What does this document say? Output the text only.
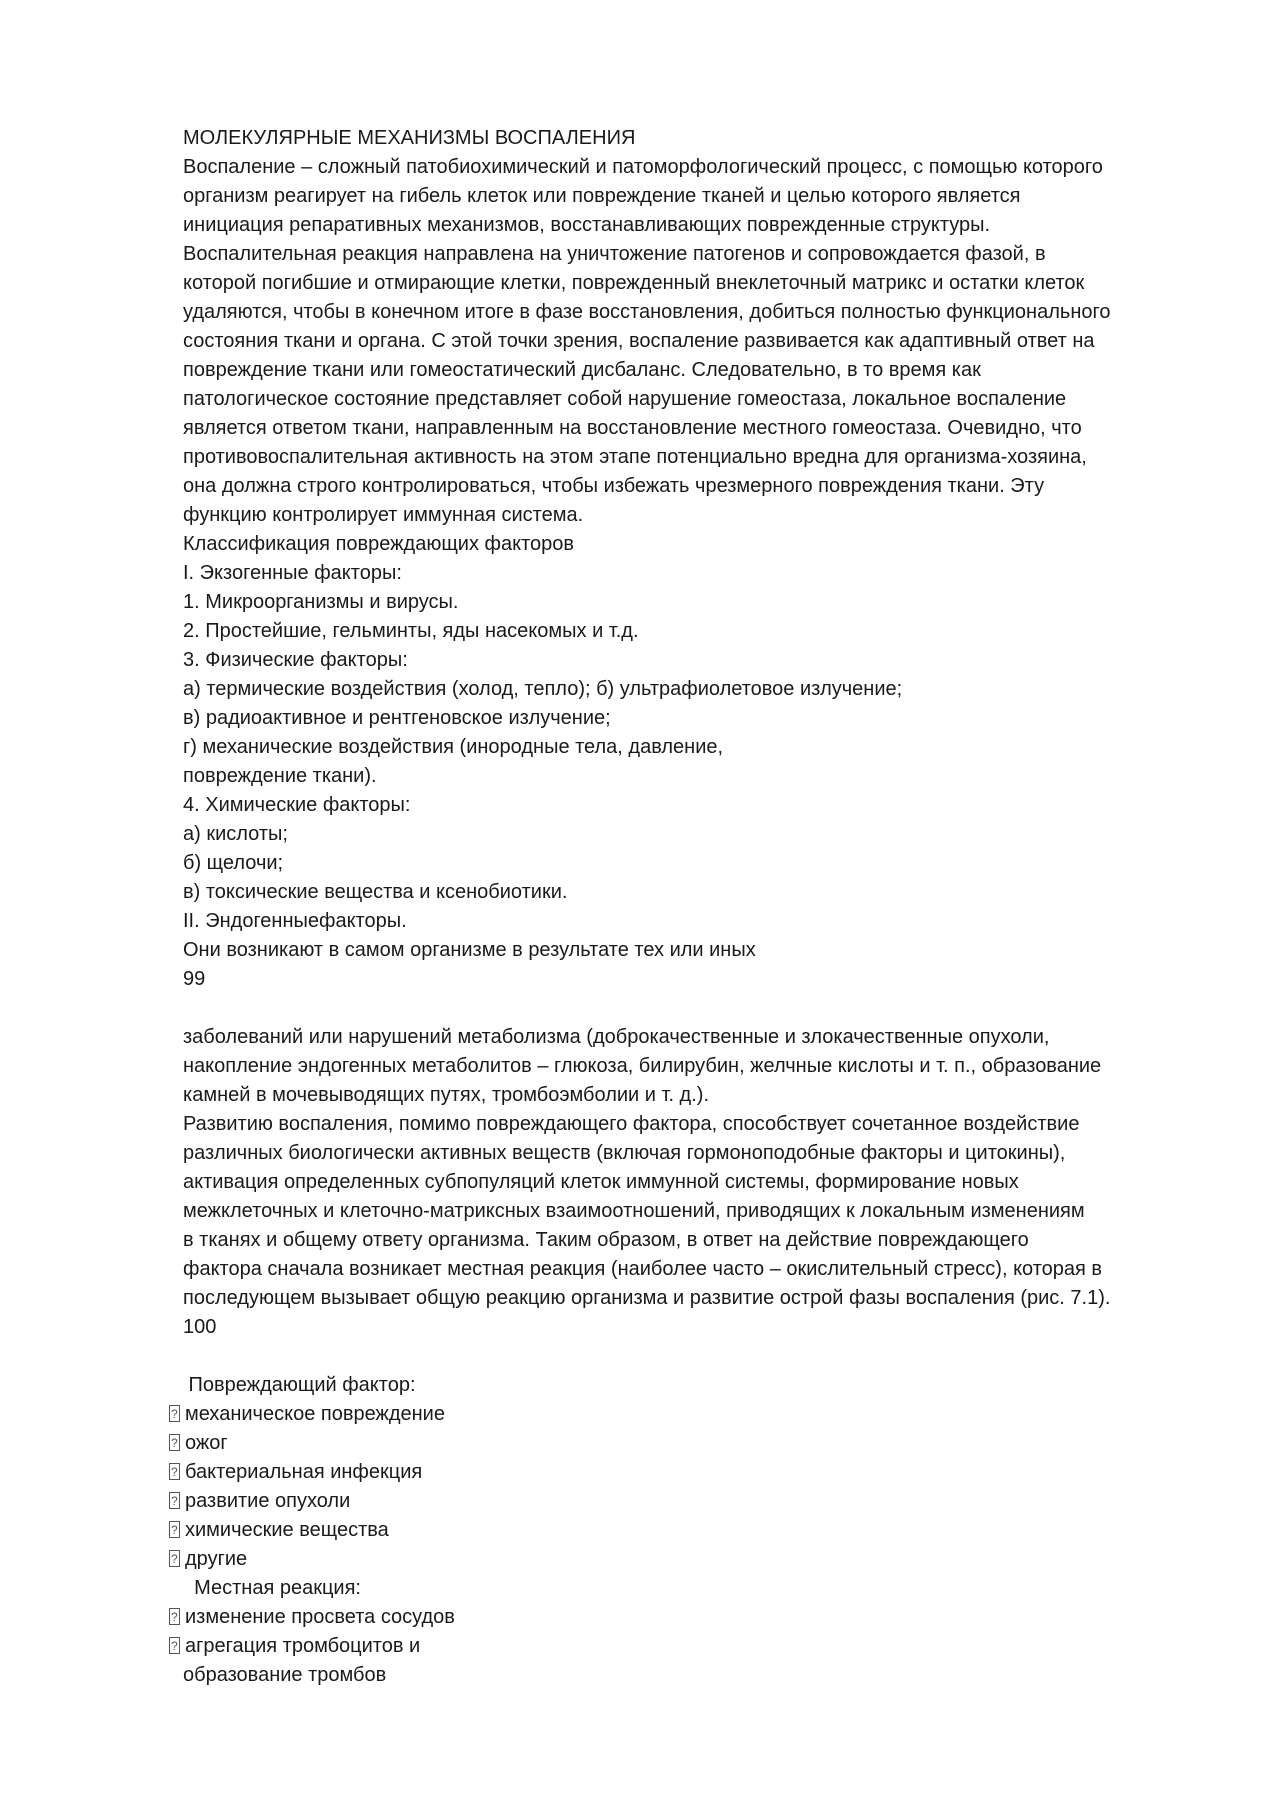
МОЛЕКУЛЯРНЫЕ МЕХАНИЗМЫ ВОСПАЛЕНИЯ
Воспаление – сложный патобиохимический и патоморфологический процесс, с помощью которого
организм реагирует на гибель клеток или повреждение тканей и целью которого является
инициация репаративных механизмов, восстанавливающих поврежденные структуры.
Воспалительная реакция направлена на уничтожение патогенов и сопровождается фазой, в
которой погибшие и отмирающие клетки, поврежденный внеклеточный матрикс и остатки клеток
удаляются, чтобы в конечном итоге в фазе восстановления, добиться полностью функционального
состояния ткани и органа. С этой точки зрения, воспаление развивается как адаптивный ответ на
повреждение ткани или гомеостатический дисбаланс. Следовательно, в то время как
патологическое состояние представляет собой нарушение гомеостаза, локальное воспаление
является ответом ткани, направленным на восстановление местного гомеостаза. Очевидно, что
противовоспалительная активность на этом этапе потенциально вредна для организма-хозяина,
она должна строго контролироваться, чтобы избежать чрезмерного повреждения ткани. Эту
функцию контролирует иммунная система.
Классификация повреждающих факторов
I. Экзогенные факторы:
1. Микроорганизмы и вирусы.
2. Простейшие, гельминты, яды насекомых и т.д.
3. Физические факторы:
а) термические воздействия (холод, тепло); б) ультрафиолетовое излучение;
в) радиоактивное и рентгеновское излучение;
г) механические воздействия (инородные тела, давление,
повреждение ткани).
4. Химические факторы:
а) кислоты;
б) щелочи;
в) токсические вещества и ксенобиотики.
II. Эндогенныефакторы.
Они возникают в самом организме в результате тех или иных
99
заболеваний или нарушений метаболизма (доброкачественные и злокачественные опухоли,
накопление эндогенных метаболитов – глюкоза, билирубин, желчные кислоты и т. п., образование
камней в мочевыводящих путях, тромбоэмболии и т. д.).
Развитию воспаления, помимо повреждающего фактора, способствует сочетанное воздействие
различных биологически активных веществ (включая гормоноподобные факторы и цитокины),
активация определенных субпопуляций клеток иммунной системы, формирование новых
межклеточных и клеточно-матриксных взаимоотношений, приводящих к локальным изменениям
в тканях и общему ответу организма. Таким образом, в ответ на действие повреждающего
фактора сначала возникает местная реакция (наиболее часто – окислительный стресс), которая в
последующем вызывает общую реакцию организма и развитие острой фазы воспаления (рис. 7.1).
100
Повреждающий фактор:
?механическое повреждение
?ожог
?бактериальная инфекция
?развитие опухоли
?химические вещества
?другие
Местная реакция:
?изменение просвета сосудов
?агрегация тромбоцитов и
образование тромбов
